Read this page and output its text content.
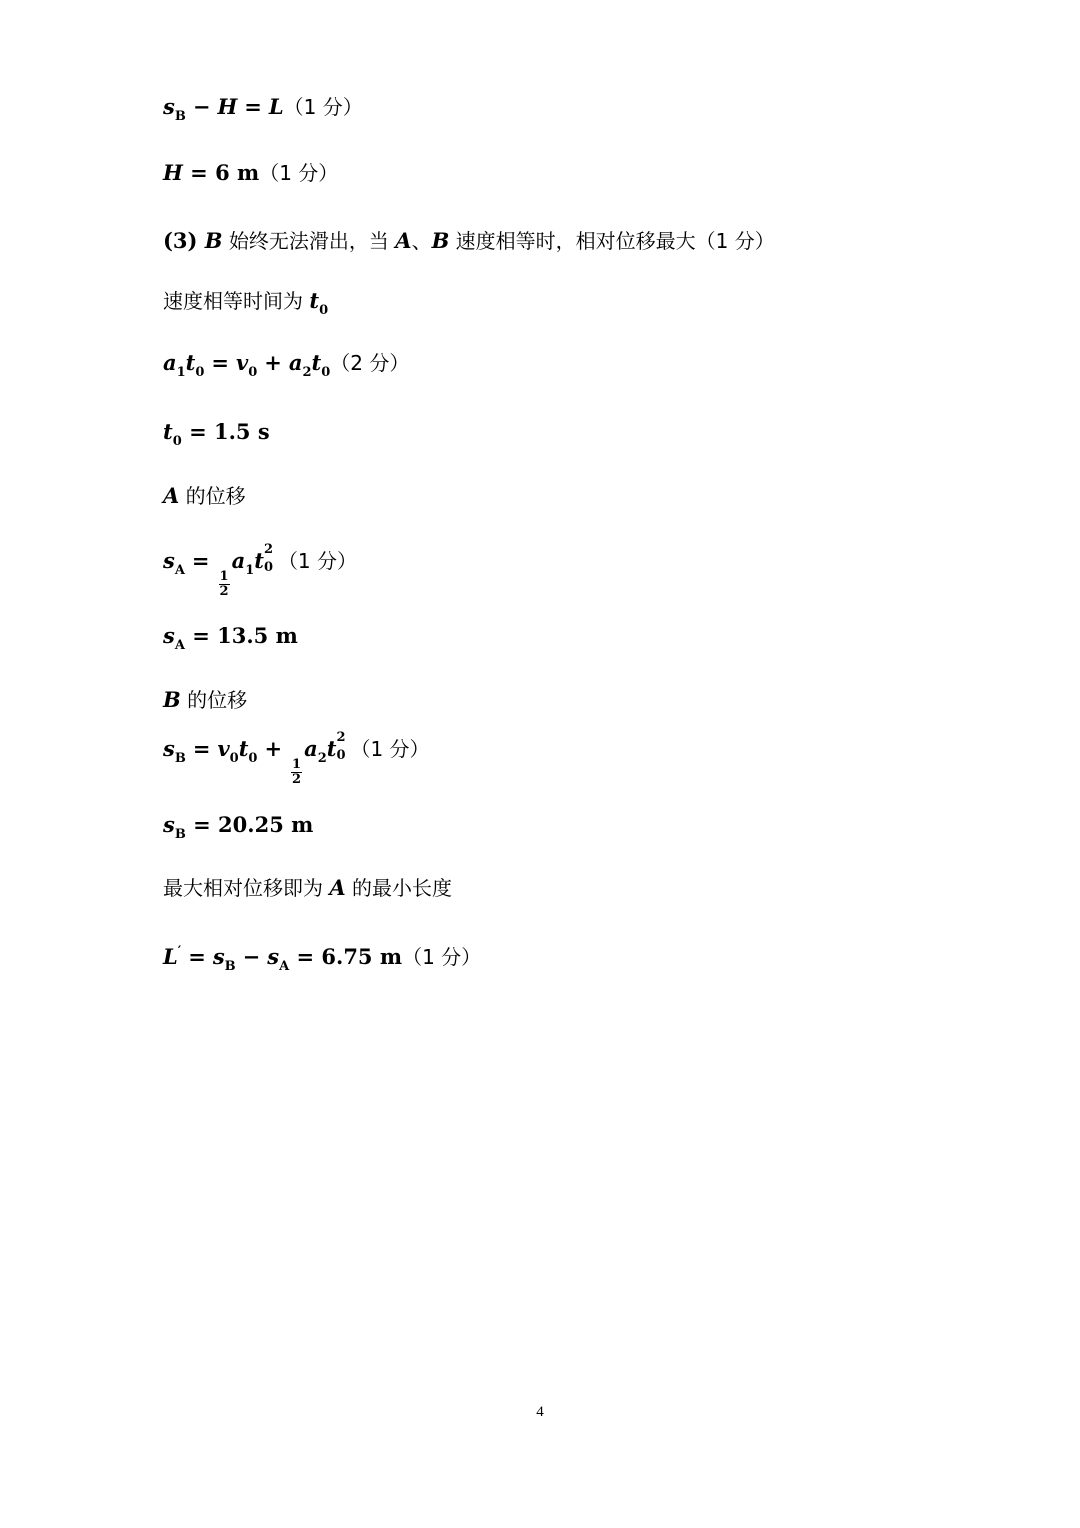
$s_B - H = L(1$ 分）
H = 6 m（1 分）
(3) B 始终无法滑出，当 A、B 速度相等时，相对位移最大（1 分）
速度相等时间为 $t_0$
$a_1t_0 = v_0 + a_2t_0(2$ 分）
$t_0 = 1.5$ s
A 的位移
$s_A$ =
$\frac{1}{2}$
$a_1t$ 2
0 （1 分）
$s_A = 13.5$ m
B 的位移
$s_B = v_0t_0$ +
$\frac{1}{2}$
$a_2t$ 2
0 （1 分）
$s_B = 20.25$ m
最大相对位移即为 A 的最小长度
$L' = s_B - s_A = 6.75$ m（1 分）
4
